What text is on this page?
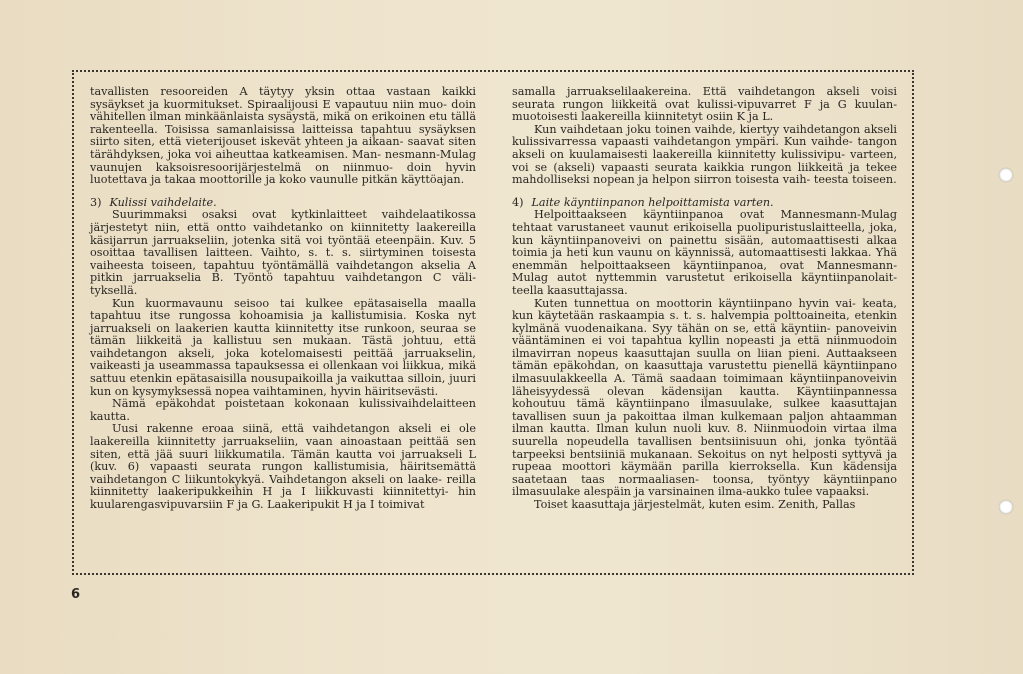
tavallisten resooreiden A täytyy yksin ottaa vastaan kaikki sysäykset ja kuormitukset. Spiraalijousi E vapautuu niin muo- doin vähitellen ilman minkäänlaista sysäystä, mikä on erikoinen etu tällä rakenteella. Toisissa samanlaisissa laitteissa tapahtuu sysäyksen siirto siten, että vieterijouset iskevät yhteen ja aikaan- saavat siten tärähdyksen, joka voi aiheuttaa katkeamisen. Man- nesmann-Mulag vaunujen kaksoisresoorijärjestelmä on niinmuo- doin hyvin luotettava ja takaa moottorille ja koko vaunulle pitkän käyttöajan.

3) Kulissi vaihdelaite.

Suurimmaksi osaksi ovat kytkinlaitteet vaihdelaatikossa järjestetyt niin, että ontto vaihdetanko on kiinnitetty laakereilla käsijarrun jarruakseliin, jotenka sitä voi työntää eteenpäin. Kuv. 5 osoittaa tavallisen laitteen. Vaihto, s. t. s. siirtyminen toisesta vaiheesta toiseen, tapahtuu työntämällä vaihdetangon akselia A pitkin jarruakselia B. Työntö tapahtuu vaihdetangon C väli- tyksellä.

Kun kuormavaunu seisoo tai kulkee epätasaisella maalla tapahtuu itse rungossa kohoamisia ja kallistumisia. Koska nyt jarruakseli on laakerien kautta kiinnitetty itse runkoon, seuraa se tämän liikkeitä ja kallistuu sen mukaan. Tästä johtuu, että vaihdetangon akseli, joka kotelomaisesti peittää jarruakselin, vaikeasti ja useammassa tapauksessa ei ollenkaan voi liikkua, mikä sattuu etenkin epätasaisilla nousupaikoilla ja vaikuttaa silloin, juuri kun on kysymyksessä nopea vaihtaminen, hyvin häiritsevästi.

Nämä epäkohdat poistetaan kokonaan kulissivaihdelaitteen kautta.

Uusi rakenne eroaa siinä, että vaihdetangon akseli ei ole laakereilla kiinnitetty jarruakseliin, vaan ainoastaan peittää sen siten, että jää suuri liikkumatila. Tämän kautta voi jarruakseli L (kuv. 6) vapaasti seurata rungon kallistumisia, häiritsemättä vaihdetangon C liikuntokykyä. Vaihdetangon akseli on laake- reilla kiinnitetty laakeripukkeihin H ja I liikkuvasti kiinnitettyi- hin kuularengasvipuvarsiin F ja G. Laakeripukit H ja I toimivat

samalla jarruakselilaakereina. Että vaihdetangon akseli voisi seurata rungon liikkeitä ovat kulissi-vipuvarret F ja G kuulan- muotoisesti laakereilla kiinnitetyt osiin K ja L.

Kun vaihdetaan joku toinen vaihde, kiertyy vaihdetangon akseli kulissivarressa vapaasti vaihdetangon ympäri. Kun vaihde- tangon akseli on kuulamaisesti laakereilla kiinnitetty kulissivipu- varteen, voi se (akseli) vapaasti seurata kaikkia rungon liikkeitä ja tekee mahdolliseksi nopean ja helpon siirron toisesta vaih- teesta toiseen.

4) Laite käyntiinpanon helpoittamista varten.

Helpoittaakseen käyntiinpanoa ovat Mannesmann-Mulag tehtaat varustaneet vaunut erikoisella puolipuristuslaitteella, joka, kun käyntiinpanoveivi on painettu sisään, automaattisesti alkaa toimia ja heti kun vaunu on käynnissä, automaattisesti lakkaa. Yhä enemmän helpoittaakseen käyntiinpanoa, ovat Mannesmann- Mulag autot nyttemmin varustetut erikoisella käyntiinpanolait- teella kaasuttajassa.

Kuten tunnettua on moottorin käyntiinpano hyvin vai- keata, kun käytetään raskaampia s. t. s. halvempia polttoaineita, etenkin kylmänä vuodenaikana. Syy tähän on se, että käyntiin- panoveivin vääntäminen ei voi tapahtua kyllin nopeasti ja että niinmuodoin ilmavirran nopeus kaasuttajan suulla on liian pieni. Auttaakseen tämän epäkohdan, on kaasuttaja varustettu pienellä käyntiinpano ilmasuulakkeella A. Tämä saadaan toimimaan käyntiinpanoveivin läheisyydessä olevan kädensijan kautta. Käyntiinpannessa kohoutuu tämä käyntiinpano ilmasuulake, sulkee kaasuttajan tavallisen suun ja pakoittaa ilman kulkemaan paljon ahtaamman ilman kautta. Ilman kulun nuoli kuv. 8. Niinmuodoin virtaa ilma suurella nopeudella tavallisen bentsiinisuun ohi, jonka työntää tarpeeksi bentsiiniä mukanaan. Sekoitus on nyt helposti syttyvä ja rupeaa moottori käymään parilla kierroksella. Kun kädensija saatetaan taas normaaliasen- toonsa, työntyy käyntiinpano ilmasuulake alespäin ja varsinainen ilma-aukko tulee vapaaksi.

Toiset kaasuttaja järjestelmät, kuten esim. Zenith, Pallas

6
